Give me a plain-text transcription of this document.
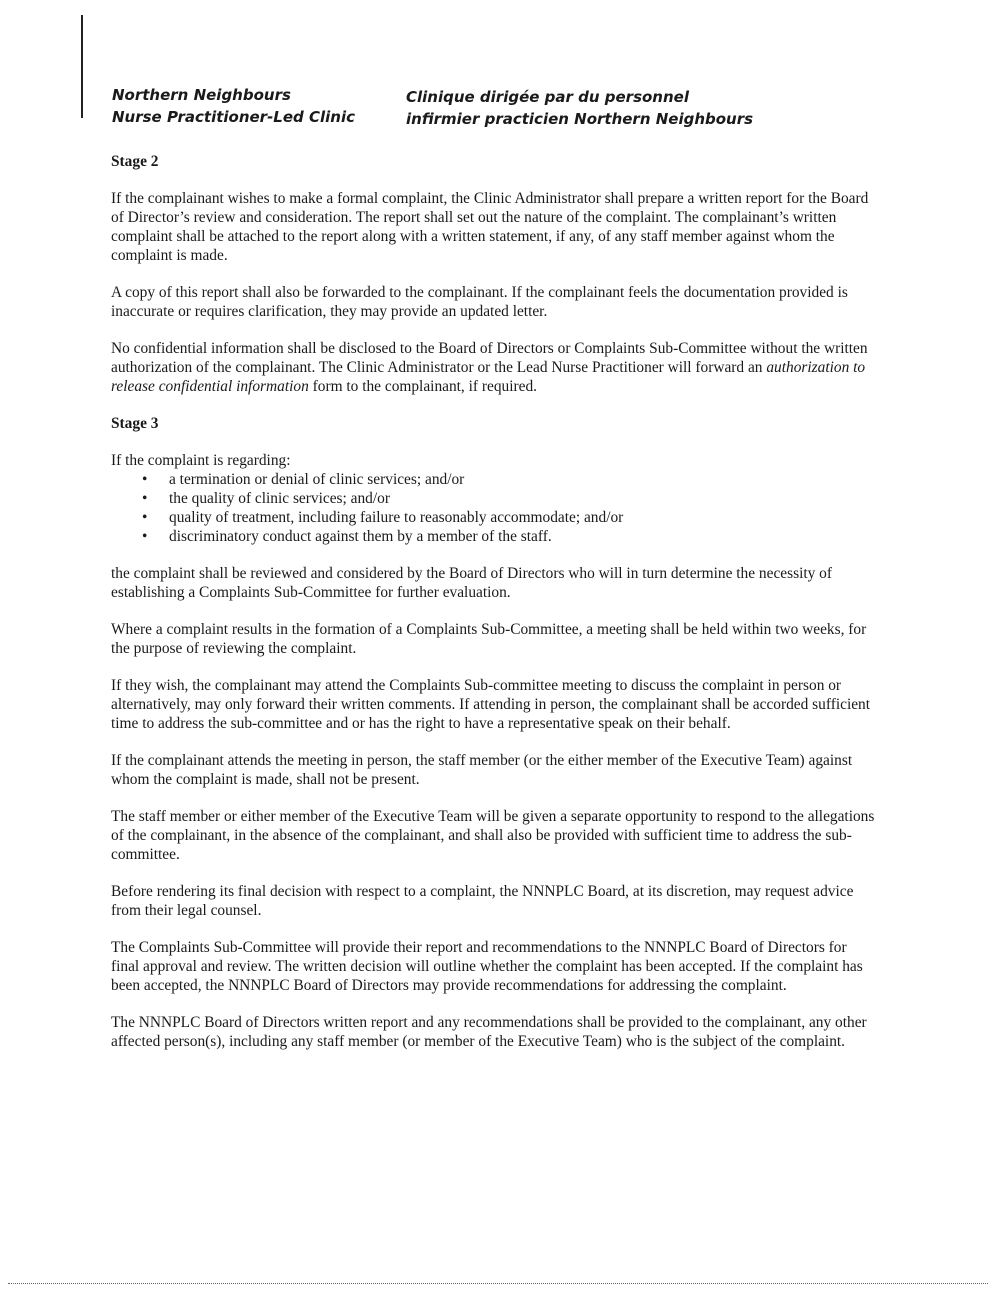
Northern Neighbours
Nurse Practitioner-Led Clinic
Clinique dirigée par du personnel
infirmier practicien Northern Neighbours
Stage 2

If the complainant wishes to make a formal complaint, the Clinic Administrator shall prepare a written report for the Board of Director’s review and consideration. The report shall set out the nature of the complaint. The complainant’s written complaint shall be attached to the report along with a written statement, if any, of any staff member against whom the complaint is made.

A copy of this report shall also be forwarded to the complainant. If the complainant feels the documentation provided is inaccurate or requires clarification, they may provide an updated letter.

No confidential information shall be disclosed to the Board of Directors or Complaints Sub-Committee without the written authorization of the complainant. The Clinic Administrator or the Lead Nurse Practitioner will forward an authorization to release confidential information form to the complainant, if required.

Stage 3

If the complaint is regarding:

• a termination or denial of clinic services; and/or
• the quality of clinic services; and/or
• quality of treatment, including failure to reasonably accommodate; and/or
• discriminatory conduct against them by a member of the staff.

the complaint shall be reviewed and considered by the Board of Directors who will in turn determine the necessity of establishing a Complaints Sub-Committee for further evaluation.

Where a complaint results in the formation of a Complaints Sub-Committee, a meeting shall be held within two weeks, for the purpose of reviewing the complaint.

If they wish, the complainant may attend the Complaints Sub-committee meeting to discuss the complaint in person or alternatively, may only forward their written comments. If attending in person, the complainant shall be accorded sufficient time to address the sub-committee and or has the right to have a representative speak on their behalf.

If the complainant attends the meeting in person, the staff member (or the either member of the Executive Team) against whom the complaint is made, shall not be present.

The staff member or either member of the Executive Team will be given a separate opportunity to respond to the allegations of the complainant, in the absence of the complainant, and shall also be provided with sufficient time to address the sub-committee.

Before rendering its final decision with respect to a complaint, the NNNPLC Board, at its discretion, may request advice from their legal counsel.

The Complaints Sub-Committee will provide their report and recommendations to the NNNPLC Board of Directors for final approval and review. The written decision will outline whether the complaint has been accepted. If the complaint has been accepted, the NNNPLC Board of Directors may provide recommendations for addressing the complaint.

The NNNPLC Board of Directors written report and any recommendations shall be provided to the complainant, any other affected person(s), including any staff member (or member of the Executive Team) who is the subject of the complaint.
